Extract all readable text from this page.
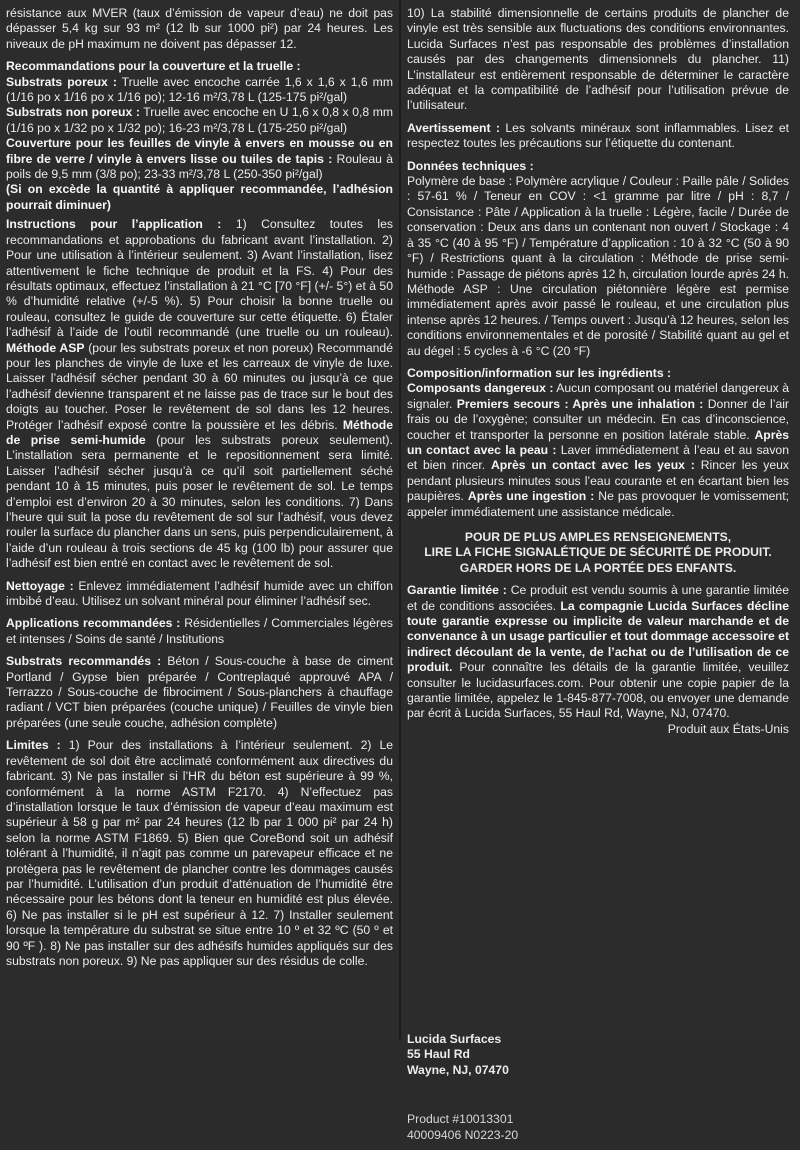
résistance aux MVER (taux d’émission de vapeur d’eau) ne doit pas dépasser 5,4 kg sur 93 m² (12 lb sur 1000 pi²) par 24 heures. Les niveaux de pH maximum ne doivent pas dépasser 12.

Recommandations pour la couverture et la truelle :
Substrats poreux : Truelle avec encoche carrée 1,6 x 1,6 x 1,6 mm (1/16 po x 1/16 po x 1/16 po); 12-16 m²/3,78 L (125-175 pi²/gal)
Substrats non poreux : Truelle avec encoche en U 1,6 x 0,8 x 0,8 mm (1/16 po x 1/32 po x 1/32 po); 16-23 m²/3,78 L (175-250 pi²/gal)
Couverture pour les feuilles de vinyle à envers en mousse ou en fibre de verre / vinyle à envers lisse ou tuiles de tapis : Rouleau à poils de 9,5 mm (3/8 po); 23-33 m²/3,78 L (250-350 pi²/gal)
(Si on excède la quantité à appliquer recommandée, l’adhésion pourrait diminuer)

Instructions pour l’application : 1) Consultez toutes les recommandations et approbations du fabricant avant l’installation. 2) Pour une utilisation à l’intérieur seulement. 3) Avant l’installation, lisez attentivement le fiche technique de produit et la FS. 4) Pour des résultats optimaux, effectuez l’installation à 21 °C [70 °F] (+/- 5°) et à 50 % d’humidité relative (+/-5 %). 5) Pour choisir la bonne truelle ou rouleau, consultez le guide de couverture sur cette étiquette. 6) Étaler l’adhésif à l’aide de l’outil recommandé (une truelle ou un rouleau). Méthode ASP (pour les substrats poreux et non poreux) Recommandé pour les planches de vinyle de luxe et les carreaux de vinyle de luxe. Laisser l’adhésif sécher pendant 30 à 60 minutes ou jusqu’à ce que l’adhésif devienne transparent et ne laisse pas de trace sur le bout des doigts au toucher. Poser le revêtement de sol dans les 12 heures. Protéger l’adhésif exposé contre la poussière et les débris. Méthode de prise semi-humide (pour les substrats poreux seulement). L’installation sera permanente et le repositionnement sera limité. Laisser l’adhésif sécher jusqu’à ce qu’il soit partiellement séché pendant 10 à 15 minutes, puis poser le revêtement de sol. Le temps d’emploi est d’environ 20 à 30 minutes, selon les conditions. 7) Dans l’heure qui suit la pose du revêtement de sol sur l’adhésif, vous devez rouler la surface du plancher dans un sens, puis perpendiculairement, à l’aide d’un rouleau à trois sections de 45 kg (100 lb) pour assurer que l’adhésif est bien entré en contact avec le revêtement de sol.

Nettoyage : Enlevez immédiatement l’adhésif humide avec un chiffon imbibé d’eau. Utilisez un solvant minéral pour éliminer l’adhésif sec.

Applications recommandées : Résidentielles / Commerciales légères et intenses / Soins de santé / Institutions

Substrats recommandés : Béton / Sous-couche à base de ciment Portland / Gypse bien préparée / Contreplaqué approuvé APA / Terrazzo / Sous-couche de fibrociment / Sous-planchers à chauffage radiant / VCT bien préparées (couche unique) / Feuilles de vinyle bien préparées (une seule couche, adhésion complète)

Limites : 1) Pour des installations à l’intérieur seulement. 2) Le revêtement de sol doit être acclimaté conformément aux directives du fabricant. 3) Ne pas installer si l’HR du béton est supérieure à 99 %, conformément à la norme ASTM F2170. 4) N’effectuez pas d’installation lorsque le taux d’émission de vapeur d’eau maximum est supérieur à 58 g par m² par 24 heures (12 lb par 1 000 pi² par 24 h) selon la norme ASTM F1869. 5) Bien que CoreBond soit un adhésif tolérant à l’humidité, il n’agit pas comme un parevapeur efficace et ne protègera pas le revêtement de plancher contre les dommages causés par l’humidité. L’utilisation d’un produit d’atténuation de l’humidité être nécessaire pour les bétons dont la teneur en humidité est plus élevée. 6) Ne pas installer si le pH est supérieur à 12. 7) Installer seulement lorsque la température du substrat se situe entre 10 º et 32 ºC (50 º et 90 ºF ). 8) Ne pas installer sur des adhésifs humides appliqués sur des substrats non poreux. 9) Ne pas appliquer sur des résidus de colle.

10) La stabilité dimensionnelle de certains produits de plancher de vinyle est très sensible aux fluctuations des conditions environnantes. Lucida Surfaces n’est pas responsable des problèmes d’installation causés par des changements dimensionnels du plancher. 11) L’installateur est entièrement responsable de déterminer le caractère adéquat et la compatibilité de l’adhésif pour l’utilisation prévue de l’utilisateur.

Avertissement : Les solvants minéraux sont inflammables. Lisez et respectez toutes les précautions sur l’étiquette du contenant.

Données techniques :
Polymère de base : Polymère acrylique / Couleur : Paille pâle / Solides : 57-61 % / Teneur en COV : <1 gramme par litre / pH : 8,7 / Consistance : Pâte / Application à la truelle : Légère, facile / Durée de conservation : Deux ans dans un contenant non ouvert / Stockage : 4 à 35 °C (40 à 95 °F) / Température d’application : 10 à 32 °C (50 à 90 °F) / Restrictions quant à la circulation : Méthode de prise semi-humide : Passage de piétons après 12 h, circulation lourde après 24 h. Méthode ASP : Une circulation piétonnière légère est permise immédiatement après avoir passé le rouleau, et une circulation plus intense après 12 heures. / Temps ouvert : Jusqu’à 12 heures, selon les conditions environnementales et de porosité / Stabilité quant au gel et au dégel : 5 cycles à -6 °C (20 °F)

Composition/information sur les ingrédients :
Composants dangereux : Aucun composant ou matériel dangereux à signaler. Premiers secours : Après une inhalation : Donner de l’air frais ou de l’oxygène; consulter un médecin. En cas d’inconscience, coucher et transporter la personne en position latérale stable. Après un contact avec la peau : Laver immédiatement à l’eau et au savon et bien rincer. Après un contact avec les yeux : Rincer les yeux pendant plusieurs minutes sous l’eau courante et en écartant bien les paupières. Après une ingestion : Ne pas provoquer le vomissement; appeler immédiatement une assistance médicale.

POUR DE PLUS AMPLES RENSEIGNEMENTS,
LIRE LA FICHE SIGNALÉTIQUE DE SÉCURITÉ DE PRODUIT.
GARDER HORS DE LA PORTÉE DES ENFANTS.

Garantie limitée : Ce produit est vendu soumis à une garantie limitée et de conditions associées. La compagnie Lucida Surfaces décline toute garantie expresse ou implicite de valeur marchande et de convenance à un usage particulier et tout dommage accessoire et indirect découlant de la vente, de l’achat ou de l’utilisation de ce produit. Pour connaître les détails de la garantie limitée, veuillez consulter le lucidasurfaces.com. Pour obtenir une copie papier de la garantie limitée, appelez le 1-845-877-7008, ou envoyer une demande par écrit à Lucida Surfaces, 55 Haul Rd, Wayne, NJ, 07470.
Produit aux États-Unis

Lucida Surfaces
55 Haul Rd
Wayne, NJ, 07470

Product #10013301
40009406 N0223-20
